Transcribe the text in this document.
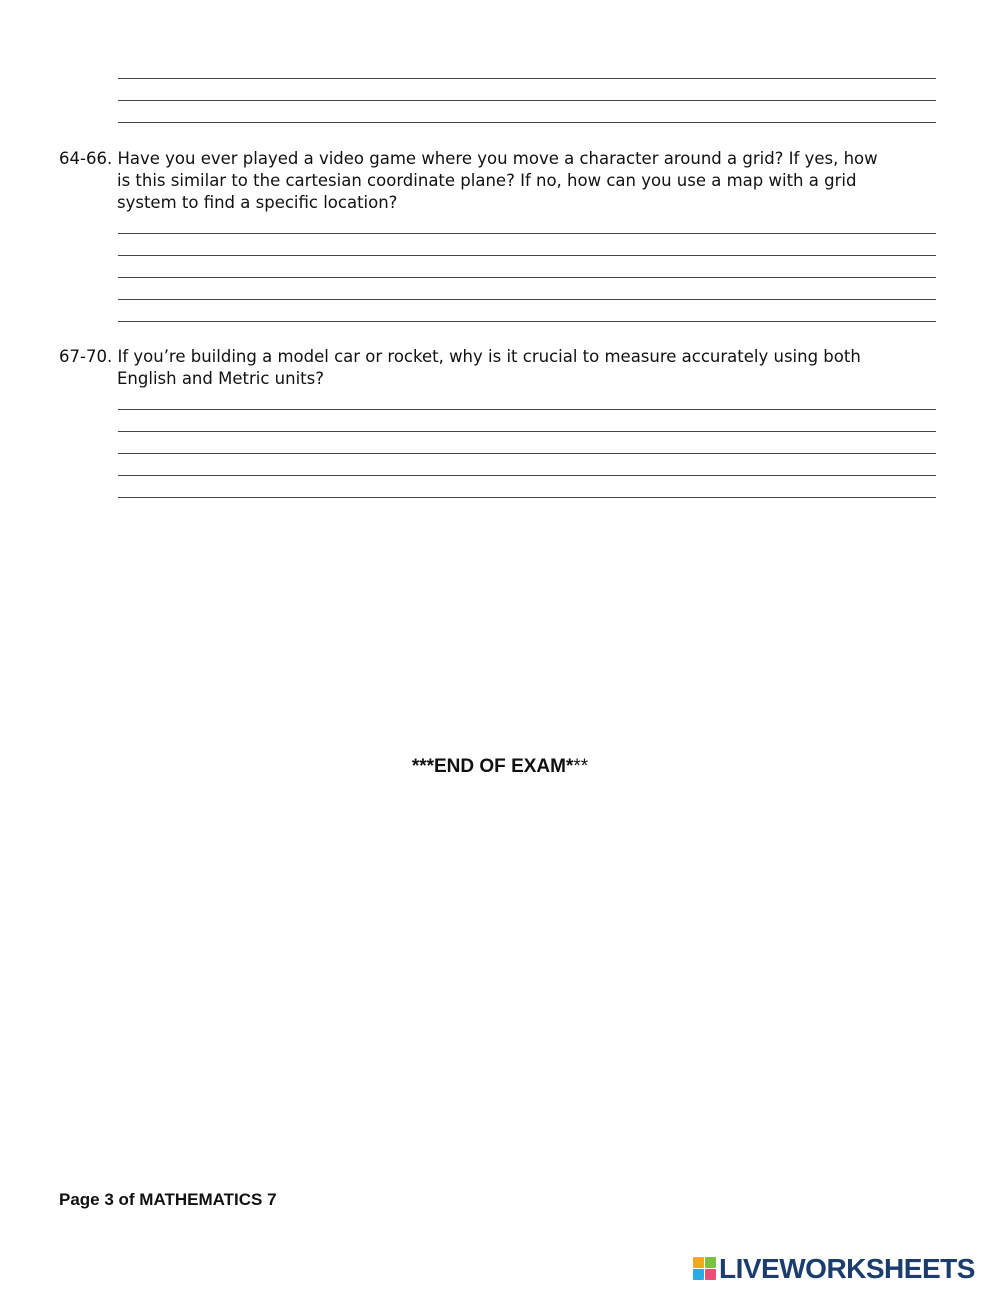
64-66. Have you ever played a video game where you move a character around a grid? If yes, how
is this similar to the cartesian coordinate plane? If no, how can you use a map with a grid system to find a specific location?
67-70. If you’re building a model car or rocket, why is it crucial to measure accurately using both
English and Metric units?
***END OF EXAM***
Page 3 of MATHEMATICS 7
LIVEWORKSHEETS
